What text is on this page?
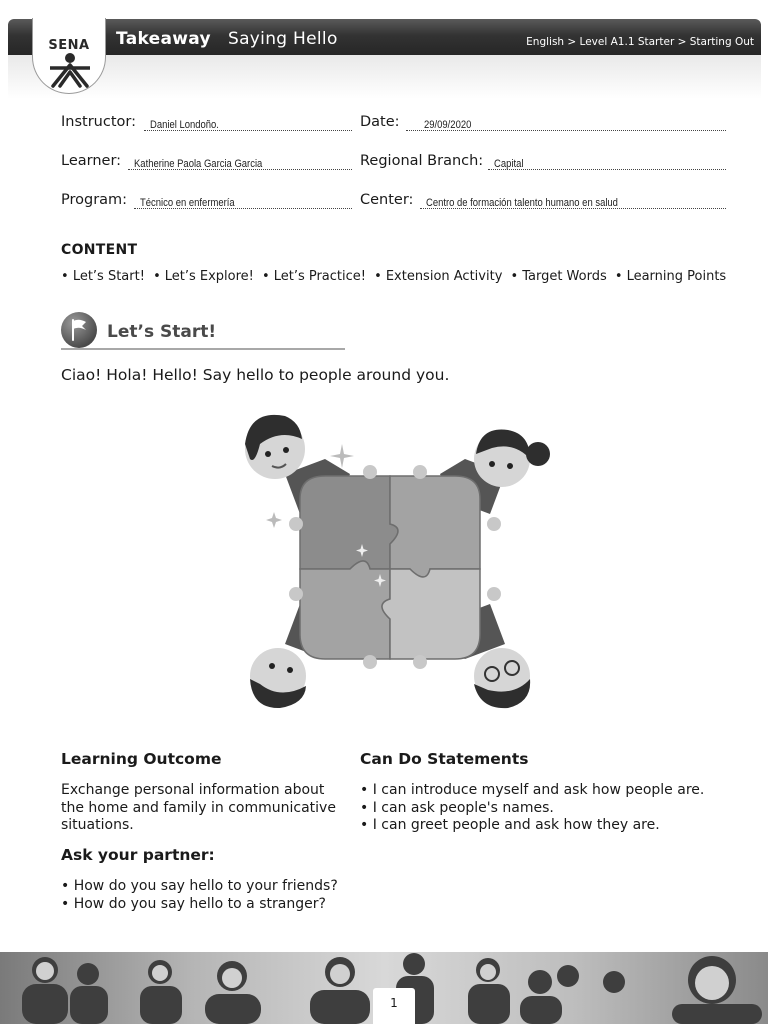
Takeaway Saying Hello	English > Level A1.1 Starter > Starting Out
SENA
Instructor: Daniel Londoño.	Date: 29/09/2020
Learner: Katherine Paola Garcia Garcia	Regional Branch: Capital
Program: Técnico en enfermería	Center: Centro de formación talento humano en salud
CONTENT
• Let’s Start! • Let’s Explore! • Let’s Practice! • Extension Activity • Target Words • Learning Points
Let’s Start!
Ciao! Hola! Hello! Say hello to people around you.
Learning Outcome
Exchange personal information about the home and family in communicative situations.
Can Do Statements
• I can introduce myself and ask how people are.
• I can ask people's names.
• I can greet people and ask how they are.
Ask your partner:
• How do you say hello to your friends?
• How do you say hello to a stranger?
1
